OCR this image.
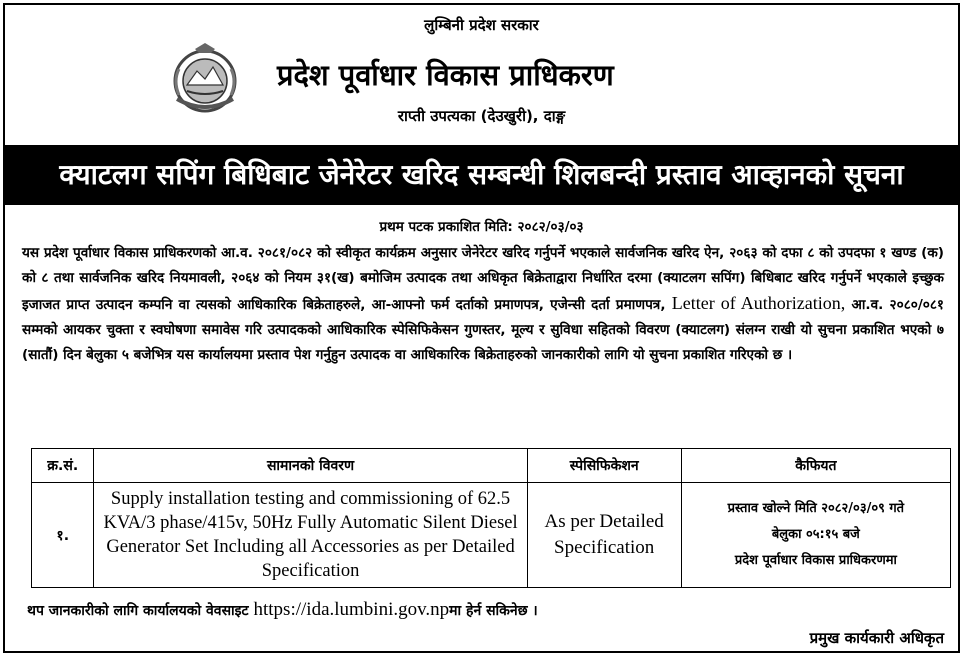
लुम्बिनी प्रदेश सरकार
प्रदेश पूर्वाधार विकास प्राधिकरण
राप्ती उपत्यका (देउखुरी), दाङ्ग
क्याटलग सपिंग बिधिबाट जेनेरेटर खरिद सम्बन्धी शिलबन्दी प्रस्ताव आव्हानको सूचना
प्रथम पटक प्रकाशित मिति: २०८२/०३/०३
यस प्रदेश पूर्वाधार विकास प्राधिकरणको आ.व. २०८१/०८२ को स्वीकृत कार्यक्रम अनुसार जेनेरेटर खरिद गर्नुपर्ने भएकाले सार्वजनिक खरिद ऐन, २०६३ को दफा ८ को उपदफा १ खण्ड (क) को ८ तथा सार्वजनिक खरिद नियमावली, २०६४ को नियम ३१(ख) बमोजिम उत्पादक तथा अधिकृत बिक्रेताद्वारा निर्धारित दरमा (क्याटलग सपिंग) बिधिबाट खरिद गर्नुपर्ने भएकाले इच्छुक इजाजत प्राप्त उत्पादन कम्पनि वा त्यसको आधिकारिक बिक्रेताहरुले, आ-आफ्नो फर्म दर्ताको प्रमाणपत्र, एजेन्सी दर्ता प्रमाणपत्र, Letter of Authorization, आ.व. २०८०/०८१ सम्मको आयकर चुक्ता र स्वघोषणा समावेस गरि उत्पादकको आधिकारिक स्पेसिफिकेसन गुणस्तर, मूल्य र सुविधा सहितको विवरण (क्याटलग) संलग्न राखी यो सुचना प्रकाशित भएको ७ (सातौं) दिन बेलुका ५ बजेभित्र यस कार्यालयमा प्रस्ताव पेश गर्नुहुन उत्पादक वा आधिकारिक बिक्रेताहरुको जानकारीको लागि यो सुचना प्रकाशित गरिएको छ ।
क्र.सं.	सामानको विवरण	स्पेसिफिकेशन	कैफियत
१.	Supply installation testing and commissioning of 62.5 KVA/3 phase/415v, 50Hz Fully Automatic Silent Diesel Generator Set Including all Accessories as per Detailed Specification	As per Detailed Specification	प्रस्ताव खोल्ने मिति २०८२/०३/०९ गते
बेलुका ०५:१५ बजे
प्रदेश पूर्वाधार विकास प्राधिकरणमा
थप जानकारीको लागि कार्यालयको वेवसाइट https://ida.lumbini.gov.npमा हेर्न सकिनेछ ।
प्रमुख कार्यकारी अधिकृत
